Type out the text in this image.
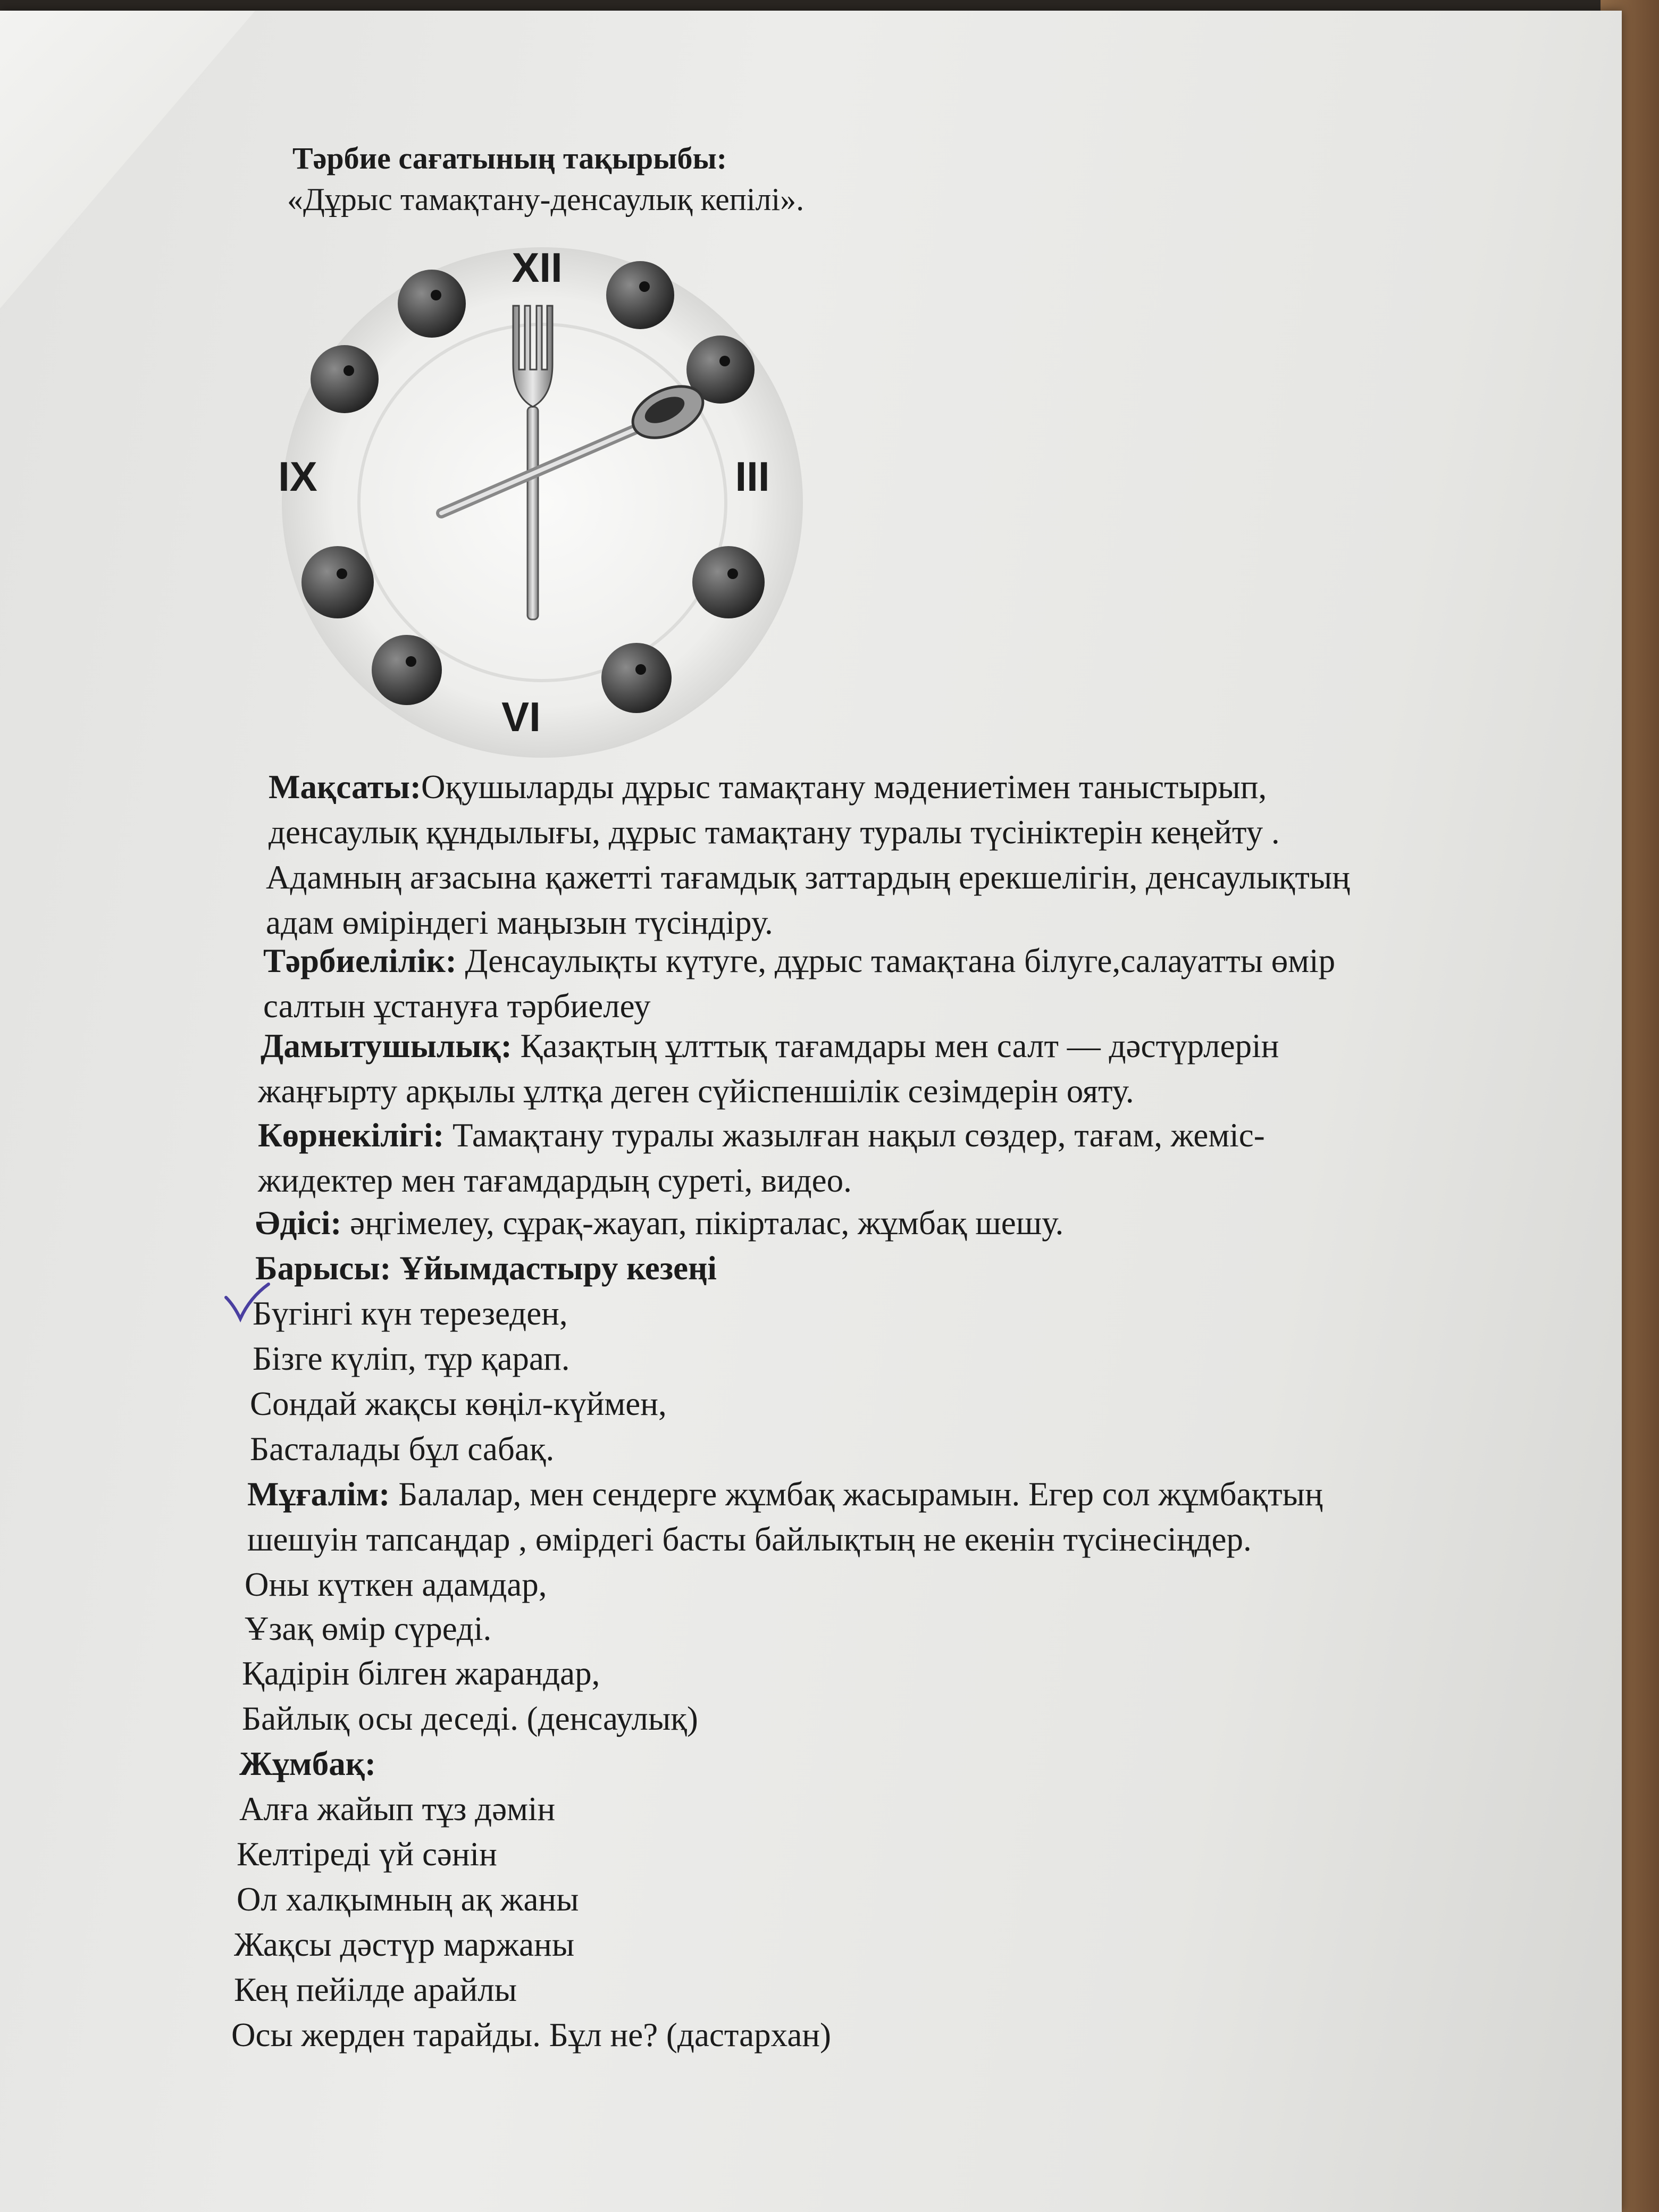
Тәрбие сағатының тақырыбы:
«Дұрыс тамақтану-денсаулық кепілі».
XII
III
VI
IX
Мақсаты:Оқушыларды дұрыс тамақтану мәдениетімен таныстырып,
денсаулық құндылығы, дұрыс тамақтану туралы түсініктерін кеңейту .
Адамның ағзасына қажетті тағамдық заттардың ерекшелігін, денсаулықтың
адам өміріндегі маңызын түсіндіру.
Тәрбиелілік: Денсаулықты күтуге, дұрыс тамақтана білуге,салауатты өмір
салтын ұстануға тәрбиелеу
Дамытушылық: Қазақтың ұлттық тағамдары мен салт — дәстүрлерін
жаңғырту арқылы ұлтқа деген сүйіспеншілік сезімдерін ояту.
Көрнекілігі: Тамақтану туралы жазылған нақыл сөздер, тағам, жеміс-
жидектер мен тағамдардың суреті, видео.
Әдісі: әңгімелеу, сұрақ-жауап, пікірталас, жұмбақ шешу.
Барысы: Ұйымдастыру кезеңі
Бүгінгі күн терезеден,
Бізге күліп, тұр қарап.
Сондай жақсы көңіл-күймен,
Басталады бұл сабақ.
Мұғалім: Балалар, мен сендерге жұмбақ жасырамын. Егер сол жұмбақтың
шешуін тапсаңдар , өмірдегі басты байлықтың не екенін түсінесіңдер.
Оны күткен адамдар,
Ұзақ өмір сүреді.
Қадірін білген жарандар,
Байлық осы деседі. (денсаулық)
Жұмбақ:
Алға жайып тұз дәмін
Келтіреді үй сәнін
Ол халқымның ақ жаны
Жақсы дәстүр маржаны
Кең пейілде арайлы
Осы жерден тарайды. Бұл не? (дастархан)
